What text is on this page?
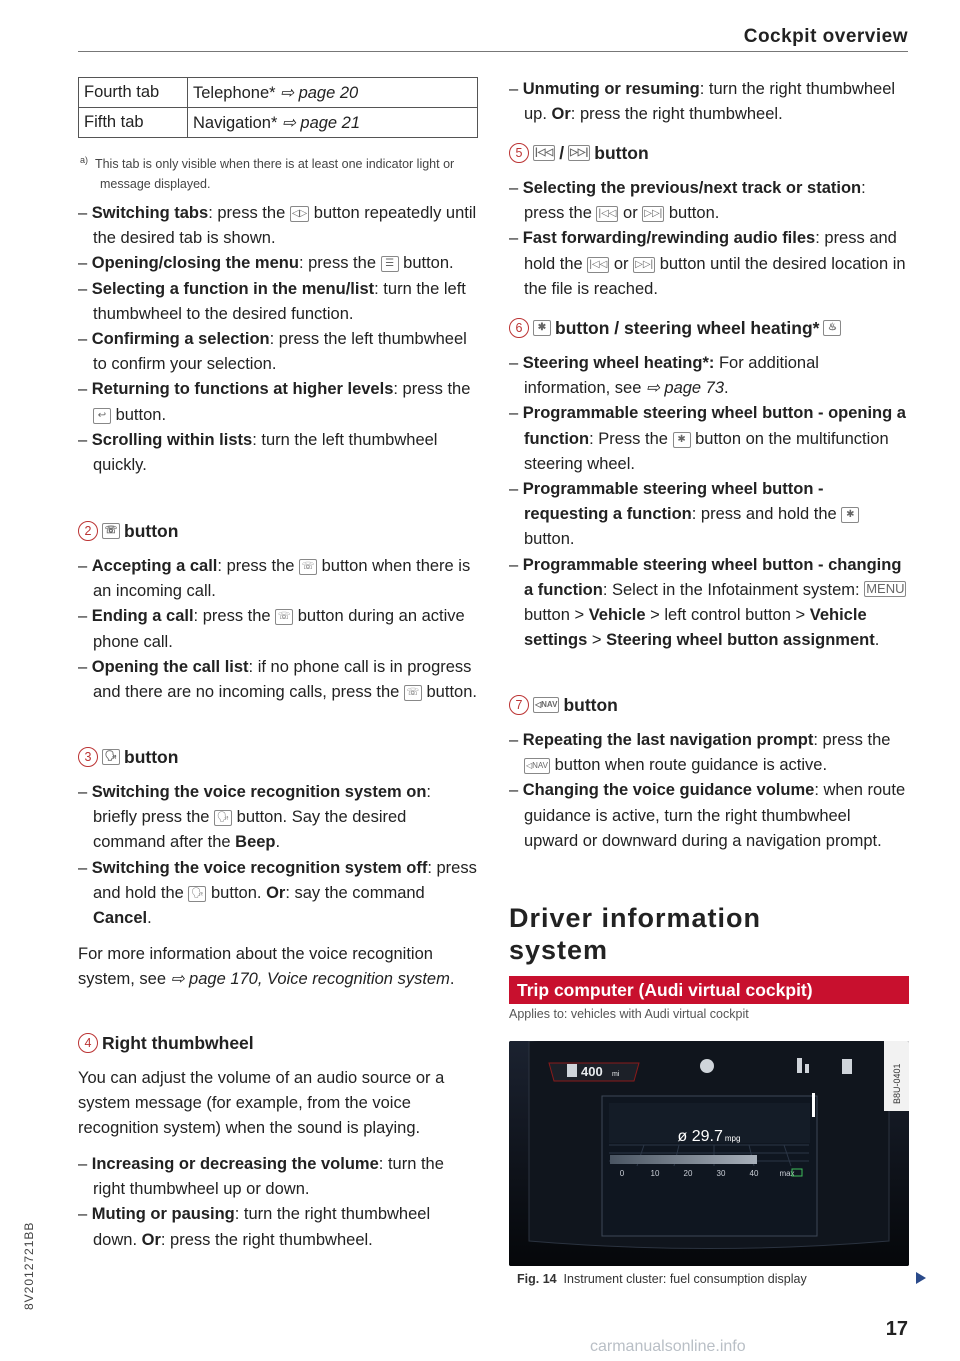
Cockpit overview
Fourth tab	Telephone* ⇨ page 20
Fifth tab	Navigation* ⇨ page 21
$^{a)}$ This tab is only visible when there is at least one indicator light or message displayed.

– Switching tabs: press the ◁▷ button repeatedly until the desired tab is shown.

– Opening/closing the menu: press the ☰ button.

– Selecting a function in the menu/list: turn the left thumbwheel to the desired function.

– Confirming a selection: press the left thumbwheel to confirm your selection.

– Returning to functions at higher levels: press the ↩ button.

– Scrolling within lists: turn the left thumbwheel quickly.

2	☏ button

– Accepting a call: press the ☏ button when there is an incoming call.

– Ending a call: press the ☏ button during an active phone call.

– Opening the call list: if no phone call is in progress and there are no incoming calls, press the ☏ button.

3	🗣 button

– Switching the voice recognition system on: briefly press the 🗣 button. Say the desired command after the Beep.

– Switching the voice recognition system off: press and hold the 🗣 button. Or: say the command Cancel.

For more information about the voice recognition system, see ⇨ page 170, Voice recognition system.

4 Right thumbwheel

You can adjust the volume of an audio source or a system message (for example, from the voice recognition system) when the sound is playing.

– Increasing or decreasing the volume: turn the right thumbwheel up or down.

– Muting or pausing: turn the right thumbwheel down. Or: press the right thumbwheel.

– Unmuting or resuming: turn the right thumbwheel up. Or: press the right thumbwheel.

5	|◁◁ / ▷▷| button

– Selecting the previous/next track or station: press the |◁◁ or ▷▷| button.

– Fast forwarding/rewinding audio files: press and hold the |◁◁ or ▷▷| button until the desired location in the file is reached.

6	✱ button / steering wheel heating* ♨

– Steering wheel heating*: For additional information, see ⇨ page 73.

– Programmable steering wheel button - opening a function: Press the ✱ button on the multifunction steering wheel.

– Programmable steering wheel button - requesting a function: press and hold the ✱ button.

– Programmable steering wheel button - changing a function: Select in the Infotainment system: MENU button > Vehicle > left control button > Vehicle settings > Steering wheel button assignment.

7	◁NAV button

– Repeating the last navigation prompt: press the ◁NAV button when route guidance is active.

– Changing the voice guidance volume: when route guidance is active, turn the right thumbwheel upward or downward during a navigation prompt.

Driver information
system
Trip computer (Audi virtual cockpit)
Applies to: vehicles with Audi virtual cockpit
400 mi
ø 29.7 mpg
0	10	20	30	40	max
B8U-0401
Fig. 14 Instrument cluster: fuel consumption display
8V2012721BB
17
carmanualsonline.info
